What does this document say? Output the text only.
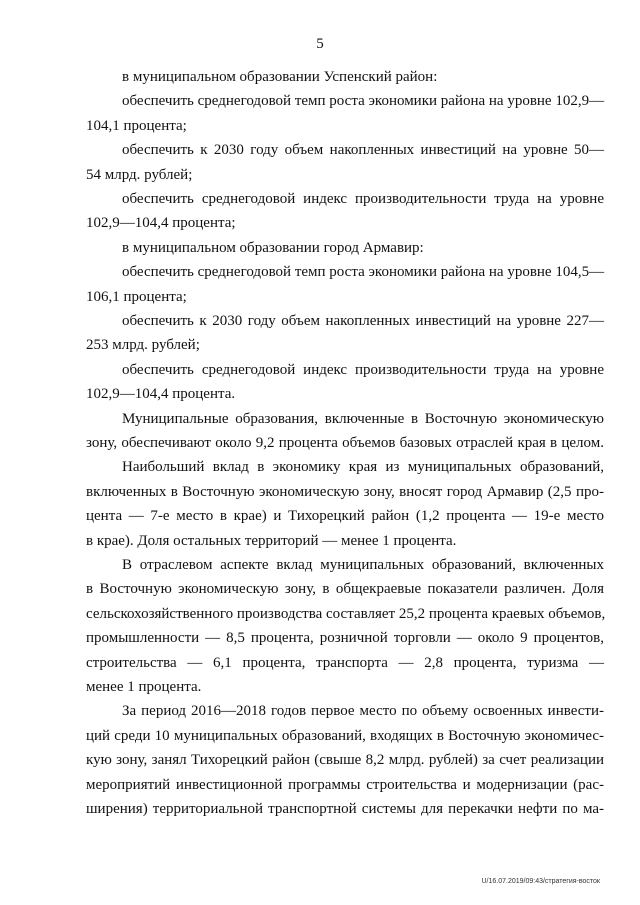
5
в муниципальном образовании Успенский район:
обеспечить среднегодовой темп роста экономики района на уровне 102,9—
104,1 процента;
обеспечить к 2030 году объем накопленных инвестиций на уровне 50—
54 млрд. рублей;
обеспечить среднегодовой индекс производительности труда на уровне
102,9—104,4 процента;
в муниципальном образовании город Армавир:
обеспечить среднегодовой темп роста экономики района на уровне 104,5—
106,1 процента;
обеспечить к 2030 году объем накопленных инвестиций на уровне 227—
253 млрд. рублей;
обеспечить среднегодовой индекс производительности труда на уровне
102,9—104,4 процента.
Муниципальные образования, включенные в Восточную экономическую
зону, обеспечивают около 9,2 процента объемов базовых отраслей края в целом.
Наибольший вклад в экономику края из муниципальных образований,
включенных в Восточную экономическую зону, вносят город Армавир (2,5 про-
цента — 7-е место в крае) и Тихорецкий район (1,2 процента — 19-е место
в крае). Доля остальных территорий — менее 1 процента.
В отраслевом аспекте вклад муниципальных образований, включенных
в Восточную экономическую зону, в общекраевые показатели различен. Доля
сельскохозяйственного производства составляет 25,2 процента краевых объемов,
промышленности — 8,5 процента, розничной торговли — около 9 процентов,
строительства — 6,1 процента, транспорта — 2,8 процента, туризма —
менее 1 процента.
За период 2016—2018 годов первое место по объему освоенных инвести-
ций среди 10 муниципальных образований, входящих в Восточную экономичес-
кую зону, занял Тихорецкий район (свыше 8,2 млрд. рублей) за счет реализации
мероприятий инвестиционной программы строительства и модернизации (рас-
ширения) территориальной транспортной системы для перекачки нефти по ма-
U/16.07.2019/09:43/стратегия-восток
